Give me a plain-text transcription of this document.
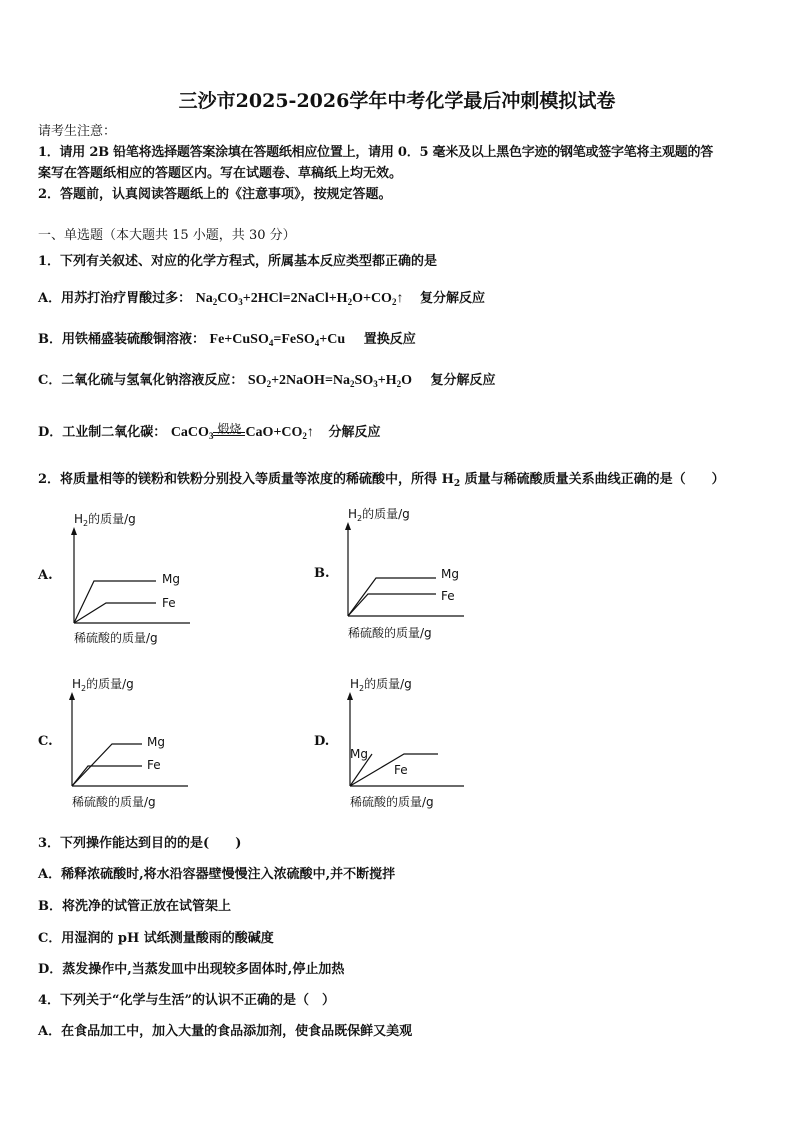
三沙市2025-2026学年中考化学最后冲刺模拟试卷
请考生注意：
1．请用 2B 铅笔将选择题答案涂填在答题纸相应位置上，请用 0．5 毫米及以上黑色字迹的钢笔或签字笔将主观题的答
案写在答题纸相应的答题区内。写在试题卷、草稿纸上均无效。
2．答题前，认真阅读答题纸上的《注意事项》，按规定答题。
一、单选题（本大题共 15 小题，共 30 分）
1．下列有关叙述、对应的化学方程式，所属基本反应类型都正确的是
A．用苏打治疗胃酸过多： $Na_2CO_3+2HCl=2NaCl+H_2O+CO_2↑$ 复分解反应
B．用铁桶盛装硫酸铜溶液： Fe+CuSO$_4$=FeSO$_4$+Cu 置换反应
C．二氧化硫与氢氧化钠溶液反应： $SO_2+2NaOH=Na_2SO_3+H_2O$ 复分解反应
D．工业制二氧化碳： CaCO$_3$ 煅烧 $CaO+CO_2↑$ 分解反应
2．将质量相等的镁粉和铁粉分别投入等质量等浓度的稀硫酸中，所得 $H_2$ 质量与稀硫酸质量关系曲线正确的是（　　）
A.
$H_2$的质量/g
Mg
Fe
稀硫酸的质量/g
B.
$H_2$的质量/g
Mg
Fe
稀硫酸的质量/g
C.
$H_2$的质量/g
Mg
Fe
稀硫酸的质量/g
D.
$H_2$的质量/g
Mg
Fe
稀硫酸的质量/g
3．下列操作能达到目的的是(　　)
A．稀释浓硫酸时,将水沿容器壁慢慢注入浓硫酸中,并不断搅拌
B．将洗净的试管正放在试管架上
C．用湿润的 pH 试纸测量酸雨的酸碱度
D．蒸发操作中,当蒸发皿中出现较多固体时,停止加热
4．下列关于“化学与生活”的认识不正确的是（　）
A．在食品加工中，加入大量的食品添加剂，使食品既保鲜又美观
